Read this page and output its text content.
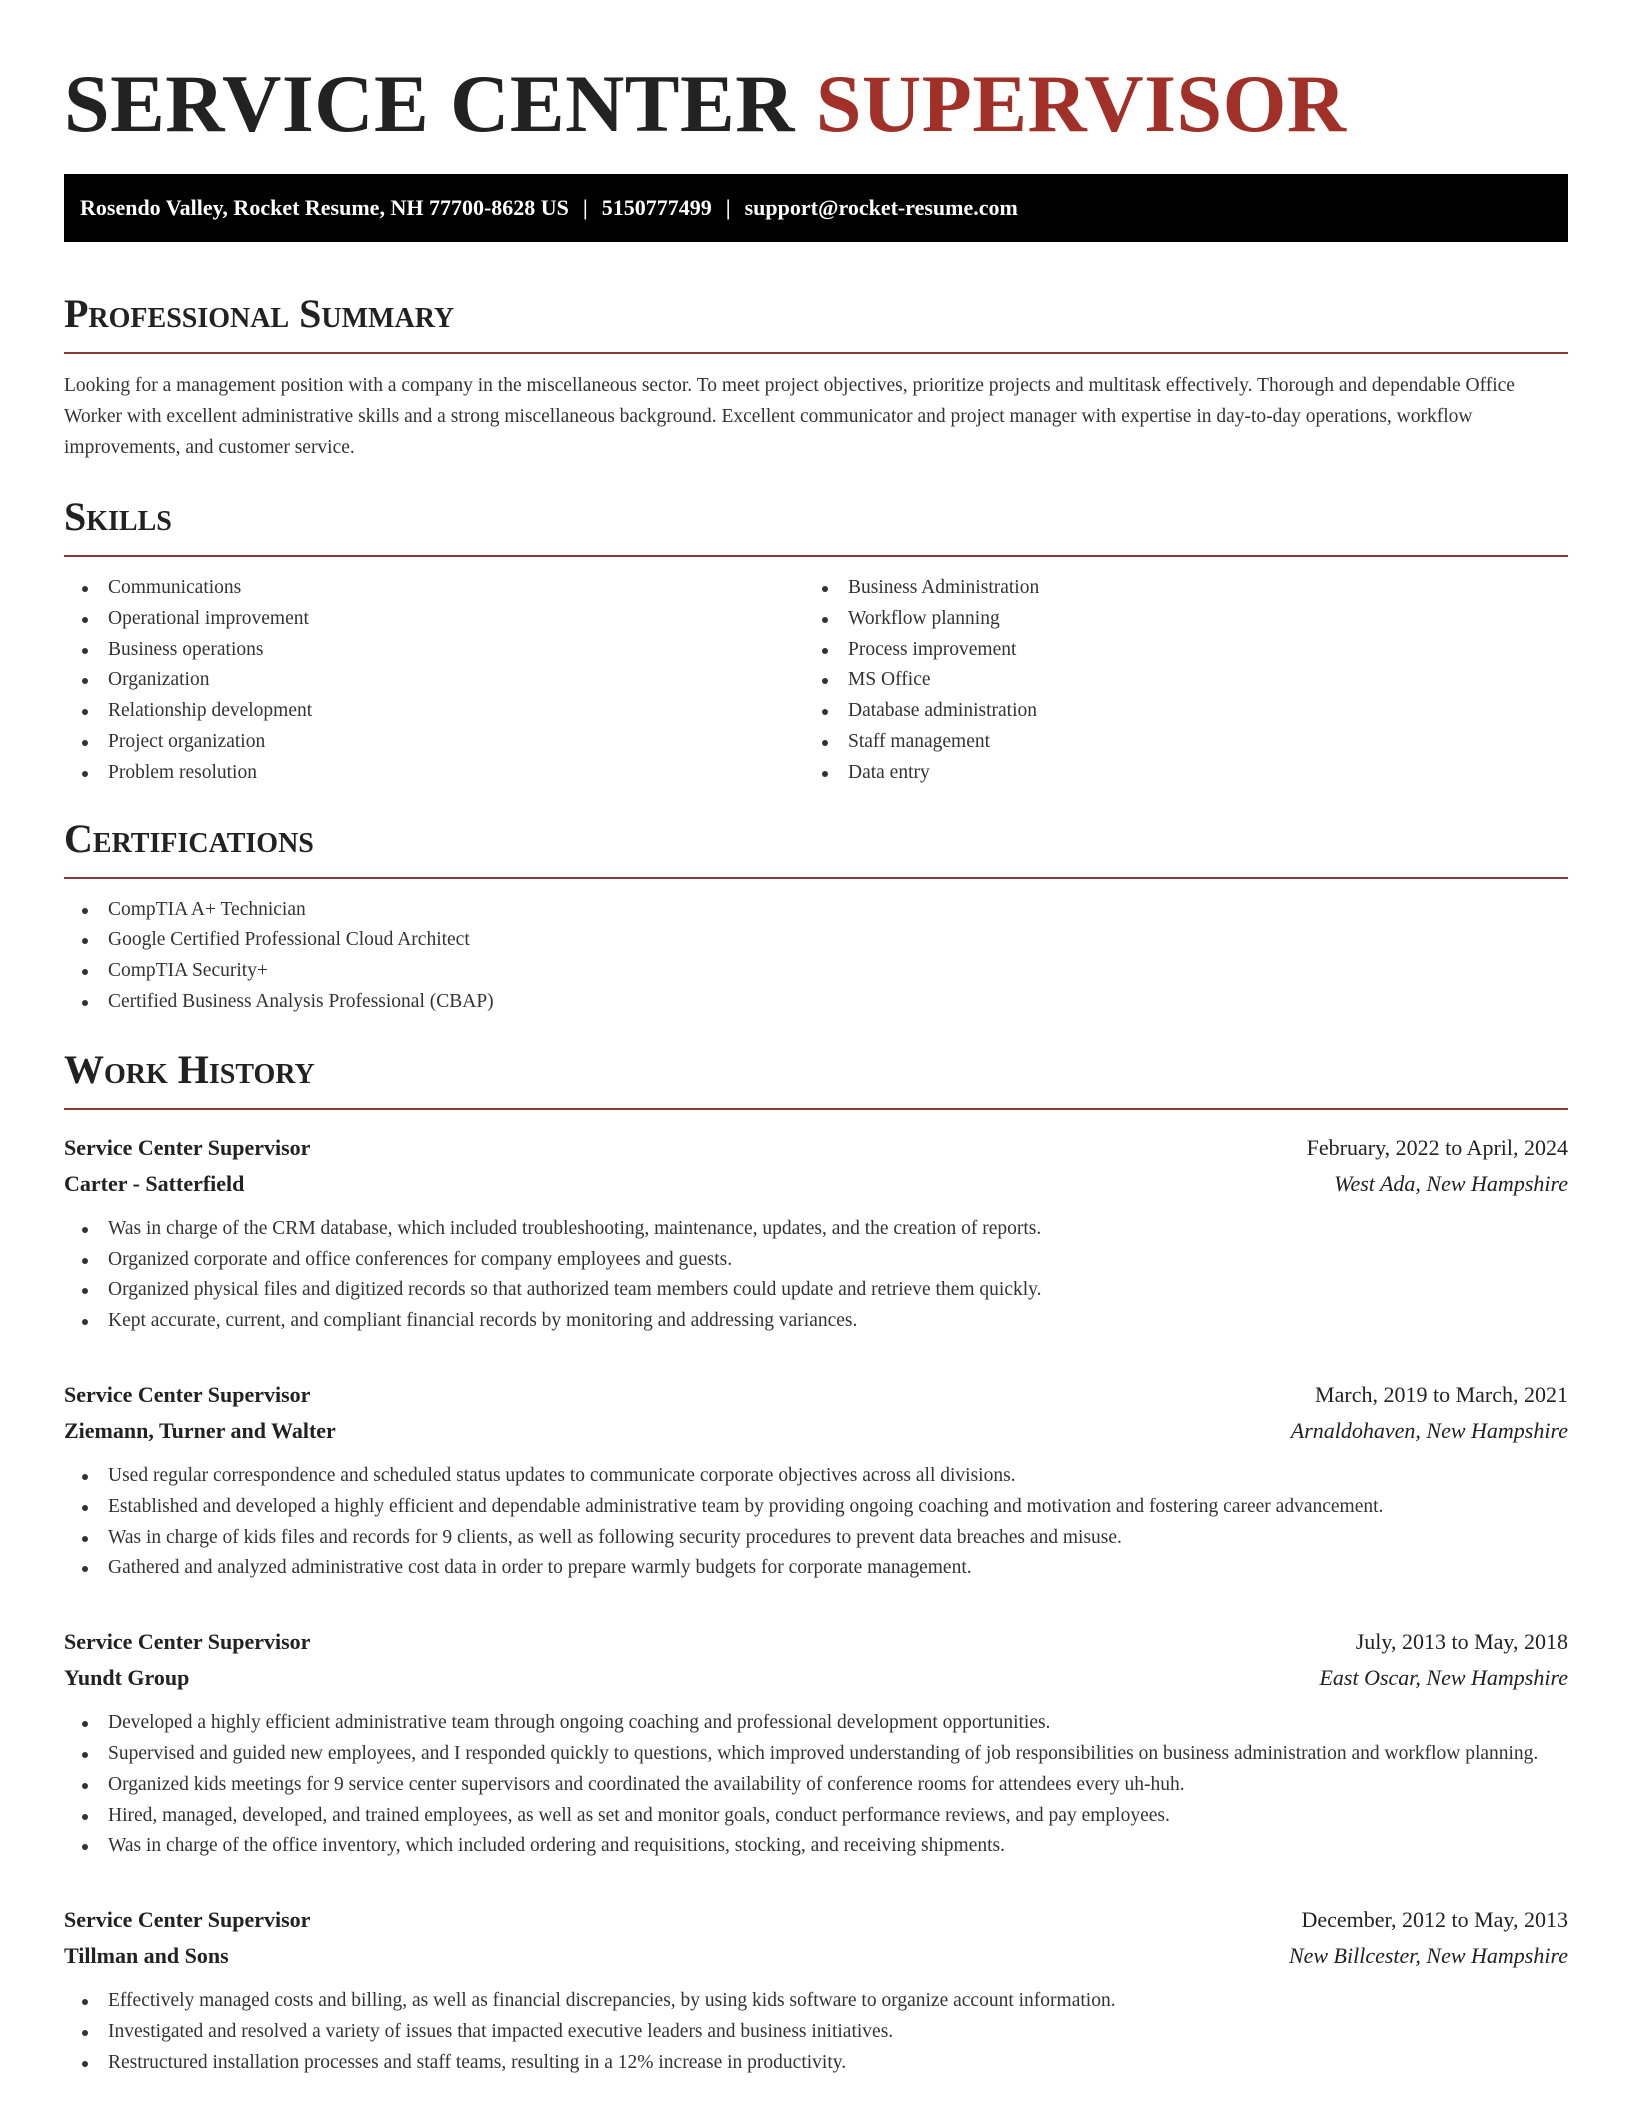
SERVICE CENTER SUPERVISOR
Rosendo Valley, Rocket Resume, NH 77700-8628 US | 5150777499 | support@rocket-resume.com
Professional Summary

Looking for a management position with a company in the miscellaneous sector. To meet project objectives, prioritize projects and multitask effectively. Thorough and dependable Office Worker with excellent administrative skills and a strong miscellaneous background. Excellent communicator and project manager with expertise in day-to-day operations, workflow improvements, and customer service.

Skills
Communications
Operational improvement
Business operations
Organization
Relationship development
Project organization
Problem resolution
Business Administration
Workflow planning
Process improvement
MS Office
Database administration
Staff management
Data entry
Certifications
CompTIA A+ Technician
Google Certified Professional Cloud Architect
CompTIA Security+
Certified Business Analysis Professional (CBAP)
Work History
Service Center Supervisor	February, 2022 to April, 2024
Carter - Satterfield	West Ada, New Hampshire
Was in charge of the CRM database, which included troubleshooting, maintenance, updates, and the creation of reports.
Organized corporate and office conferences for company employees and guests.
Organized physical files and digitized records so that authorized team members could update and retrieve them quickly.
Kept accurate, current, and compliant financial records by monitoring and addressing variances.
Service Center Supervisor	March, 2019 to March, 2021
Ziemann, Turner and Walter	Arnaldohaven, New Hampshire
Used regular correspondence and scheduled status updates to communicate corporate objectives across all divisions.
Established and developed a highly efficient and dependable administrative team by providing ongoing coaching and motivation and fostering career advancement.
Was in charge of kids files and records for 9 clients, as well as following security procedures to prevent data breaches and misuse.
Gathered and analyzed administrative cost data in order to prepare warmly budgets for corporate management.
Service Center Supervisor	July, 2013 to May, 2018
Yundt Group	East Oscar, New Hampshire
Developed a highly efficient administrative team through ongoing coaching and professional development opportunities.
Supervised and guided new employees, and I responded quickly to questions, which improved understanding of job responsibilities on business administration and workflow planning.
Organized kids meetings for 9 service center supervisors and coordinated the availability of conference rooms for attendees every uh-huh.
Hired, managed, developed, and trained employees, as well as set and monitor goals, conduct performance reviews, and pay employees.
Was in charge of the office inventory, which included ordering and requisitions, stocking, and receiving shipments.
Service Center Supervisor	December, 2012 to May, 2013
Tillman and Sons	New Billcester, New Hampshire
Effectively managed costs and billing, as well as financial discrepancies, by using kids software to organize account information.
Investigated and resolved a variety of issues that impacted executive leaders and business initiatives.
Restructured installation processes and staff teams, resulting in a 12% increase in productivity.
